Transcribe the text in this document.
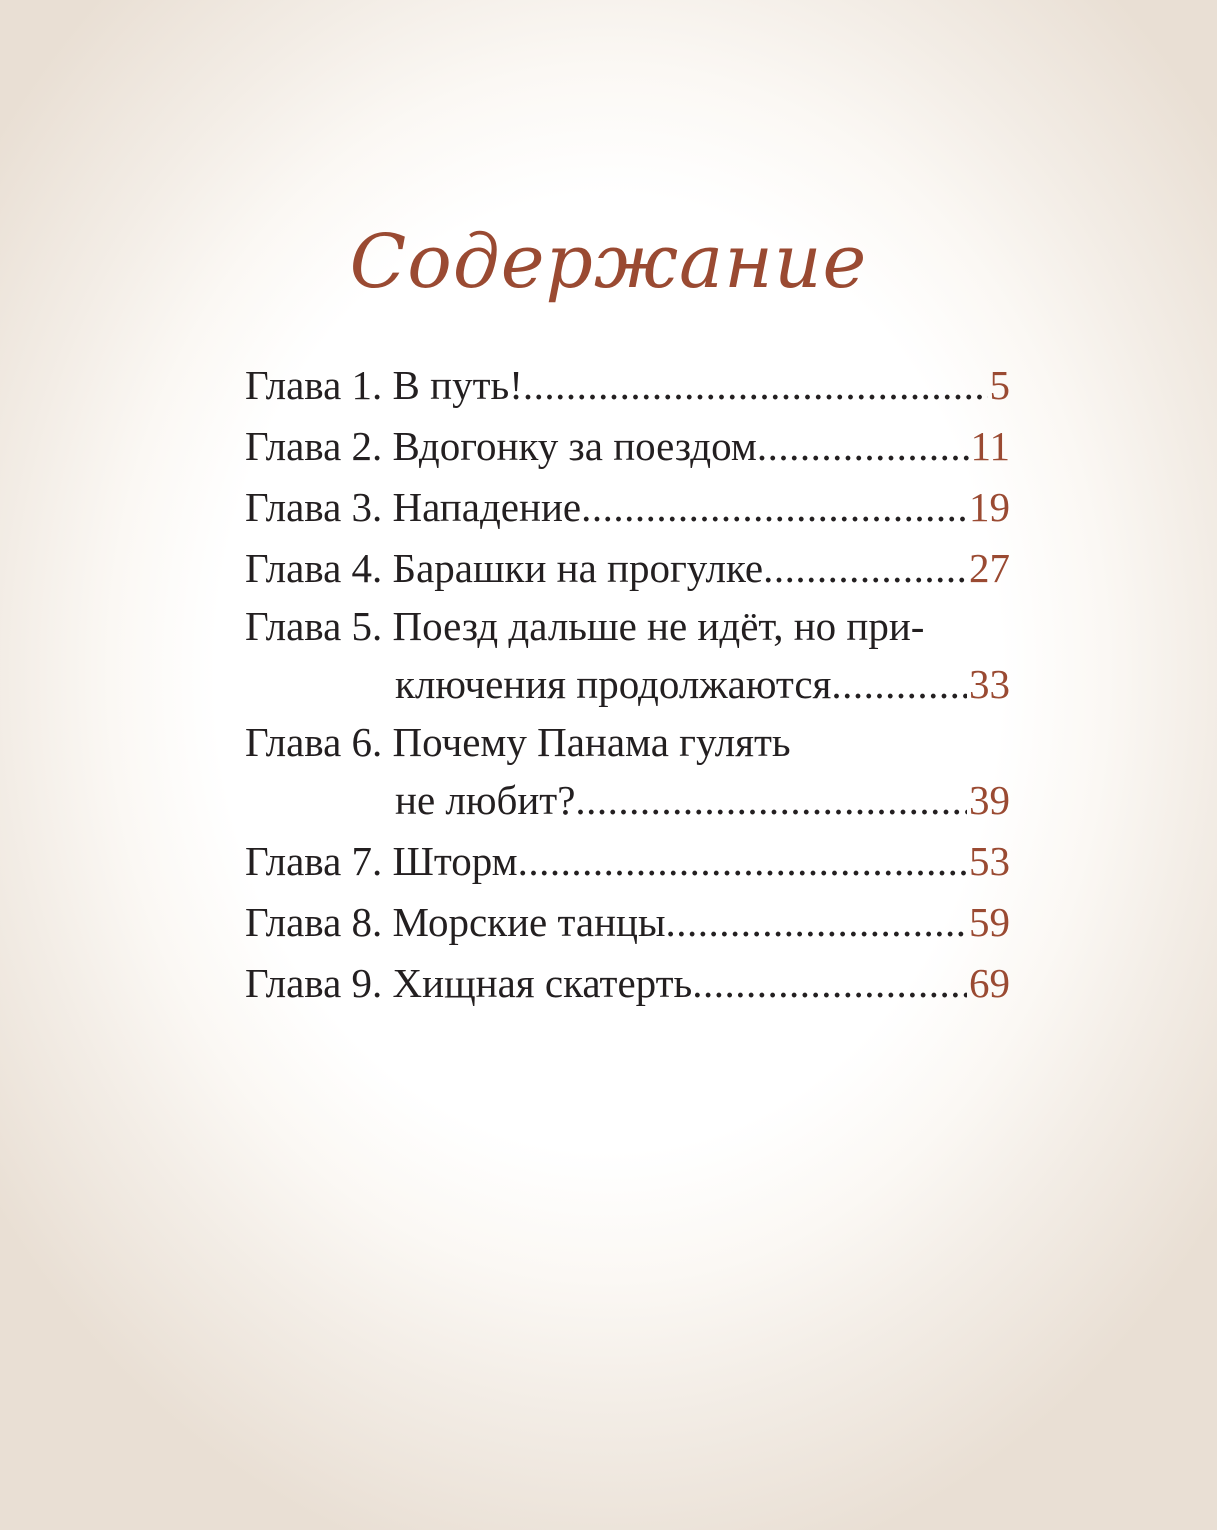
Содержание
Глава 1. В путь! .....	5
Глава 2. Вдогонку за поездом .....	11
Глава 3. Нападение .....	19
Глава 4. Барашки на прогулке .....	27
Глава 5. Поезд дальше не идёт, но при-
ключения продолжаются .....	33
Глава 6. Почему Панама гулять
не любит? .....	39
Глава 7. Шторм .....	53
Глава 8. Морские танцы .....	59
Глава 9. Хищная скатерть .....	69
